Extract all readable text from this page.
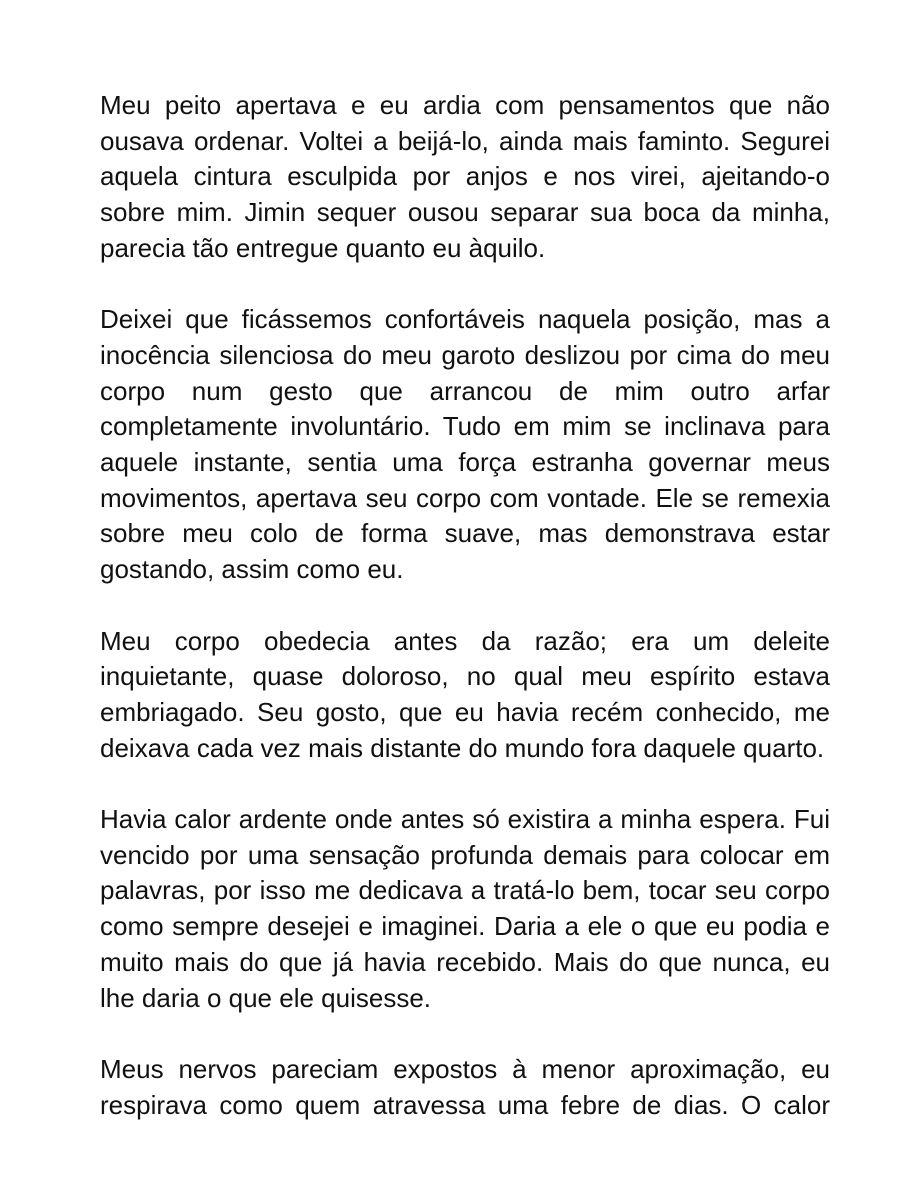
Meu peito apertava e eu ardia com pensamentos que não ousava ordenar. Voltei a beijá-lo, ainda mais faminto. Segurei aquela cintura esculpida por anjos e nos virei, ajeitando-o sobre mim. Jimin sequer ousou separar sua boca da minha, parecia tão entregue quanto eu àquilo.

Deixei que ficássemos confortáveis naquela posição, mas a inocência silenciosa do meu garoto deslizou por cima do meu corpo num gesto que arrancou de mim outro arfar completamente involuntário. Tudo em mim se inclinava para aquele instante, sentia uma força estranha governar meus movimentos, apertava seu corpo com vontade. Ele se remexia sobre meu colo de forma suave, mas demonstrava estar gostando, assim como eu.

Meu corpo obedecia antes da razão; era um deleite inquietante, quase doloroso, no qual meu espírito estava embriagado. Seu gosto, que eu havia recém conhecido, me deixava cada vez mais distante do mundo fora daquele quarto.

Havia calor ardente onde antes só existira a minha espera. Fui vencido por uma sensação profunda demais para colocar em palavras, por isso me dedicava a tratá-lo bem, tocar seu corpo como sempre desejei e imaginei. Daria a ele o que eu podia e muito mais do que já havia recebido. Mais do que nunca, eu lhe daria o que ele quisesse.

Meus nervos pareciam expostos à menor aproximação, eu respirava como quem atravessa uma febre de dias. O calor
